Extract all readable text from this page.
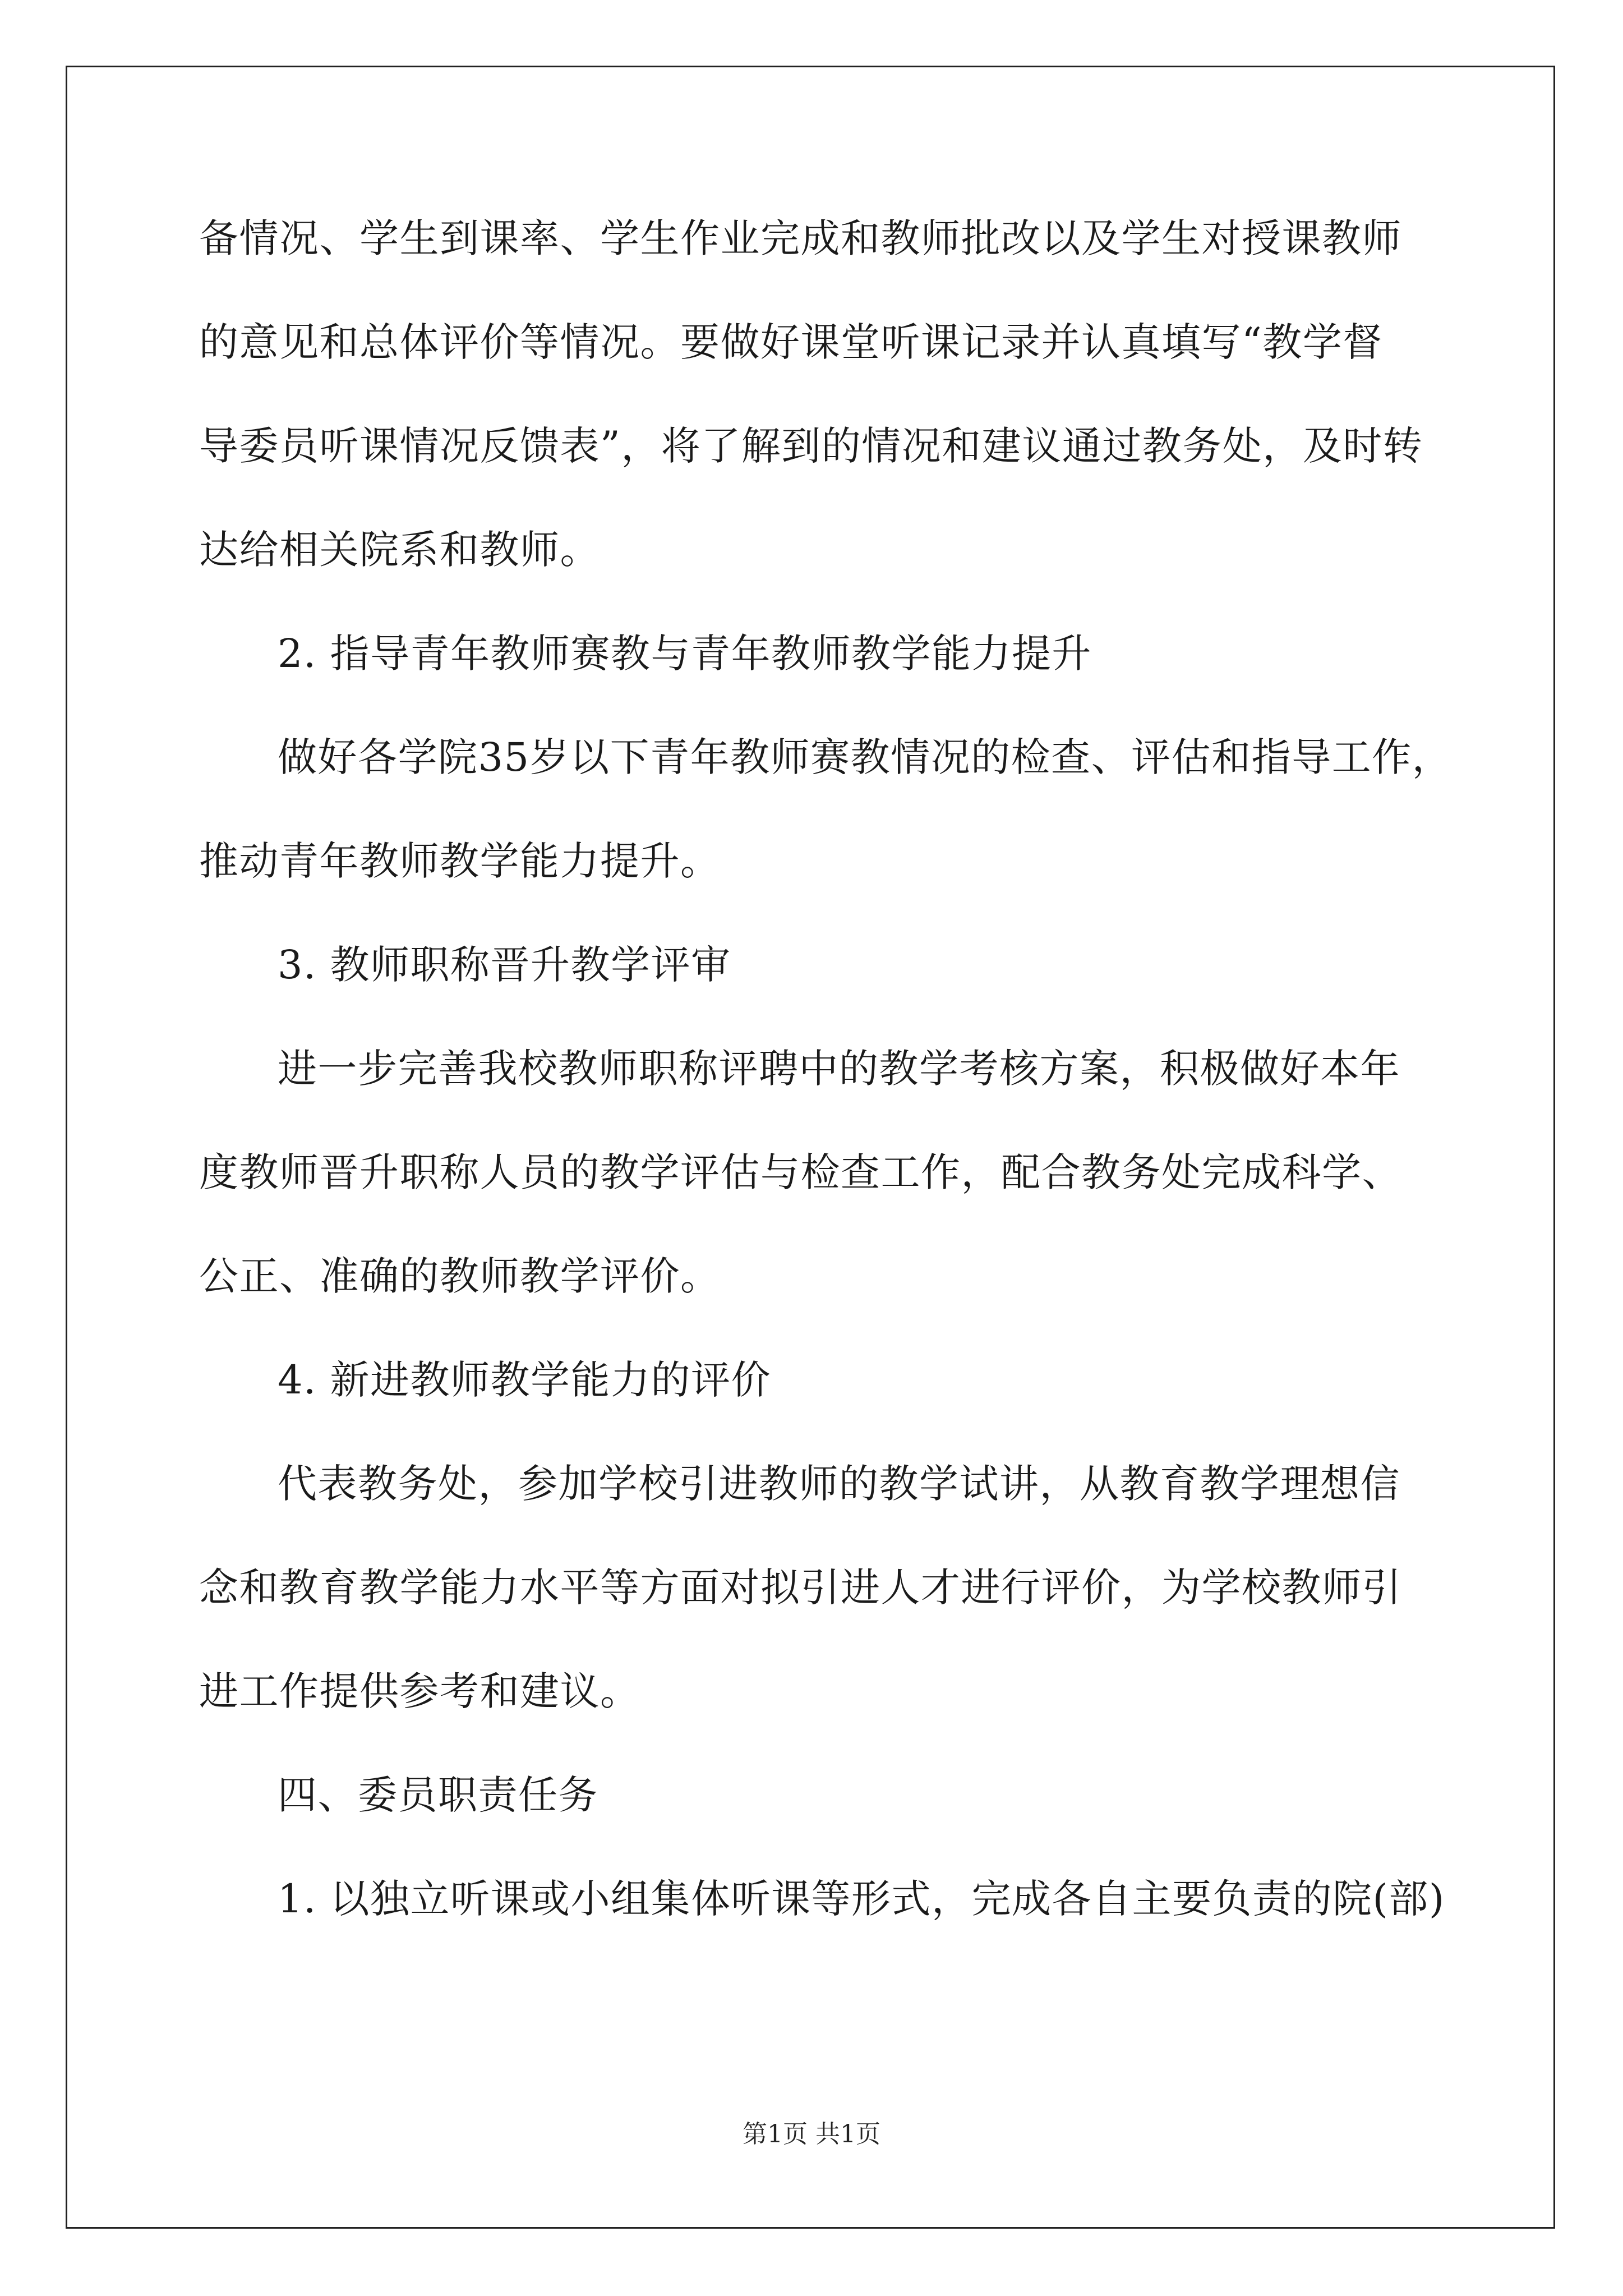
备情况、学生到课率、学生作业完成和教师批改以及学生对授课教师
的意见和总体评价等情况。要做好课堂听课记录并认真填写“教学督
导委员听课情况反馈表”，将了解到的情况和建议通过教务处，及时转
达给相关院系和教师。
2. 指导青年教师赛教与青年教师教学能力提升
做好各学院35岁以下青年教师赛教情况的检查、评估和指导工作，
推动青年教师教学能力提升。
3. 教师职称晋升教学评审
进一步完善我校教师职称评聘中的教学考核方案，积极做好本年
度教师晋升职称人员的教学评估与检查工作，配合教务处完成科学、
公正、准确的教师教学评价。
4. 新进教师教学能力的评价
代表教务处，参加学校引进教师的教学试讲，从教育教学理想信
念和教育教学能力水平等方面对拟引进人才进行评价，为学校教师引
进工作提供参考和建议。
四、委员职责任务
1. 以独立听课或小组集体听课等形式，完成各自主要负责的院(部)
第1页 共1页
